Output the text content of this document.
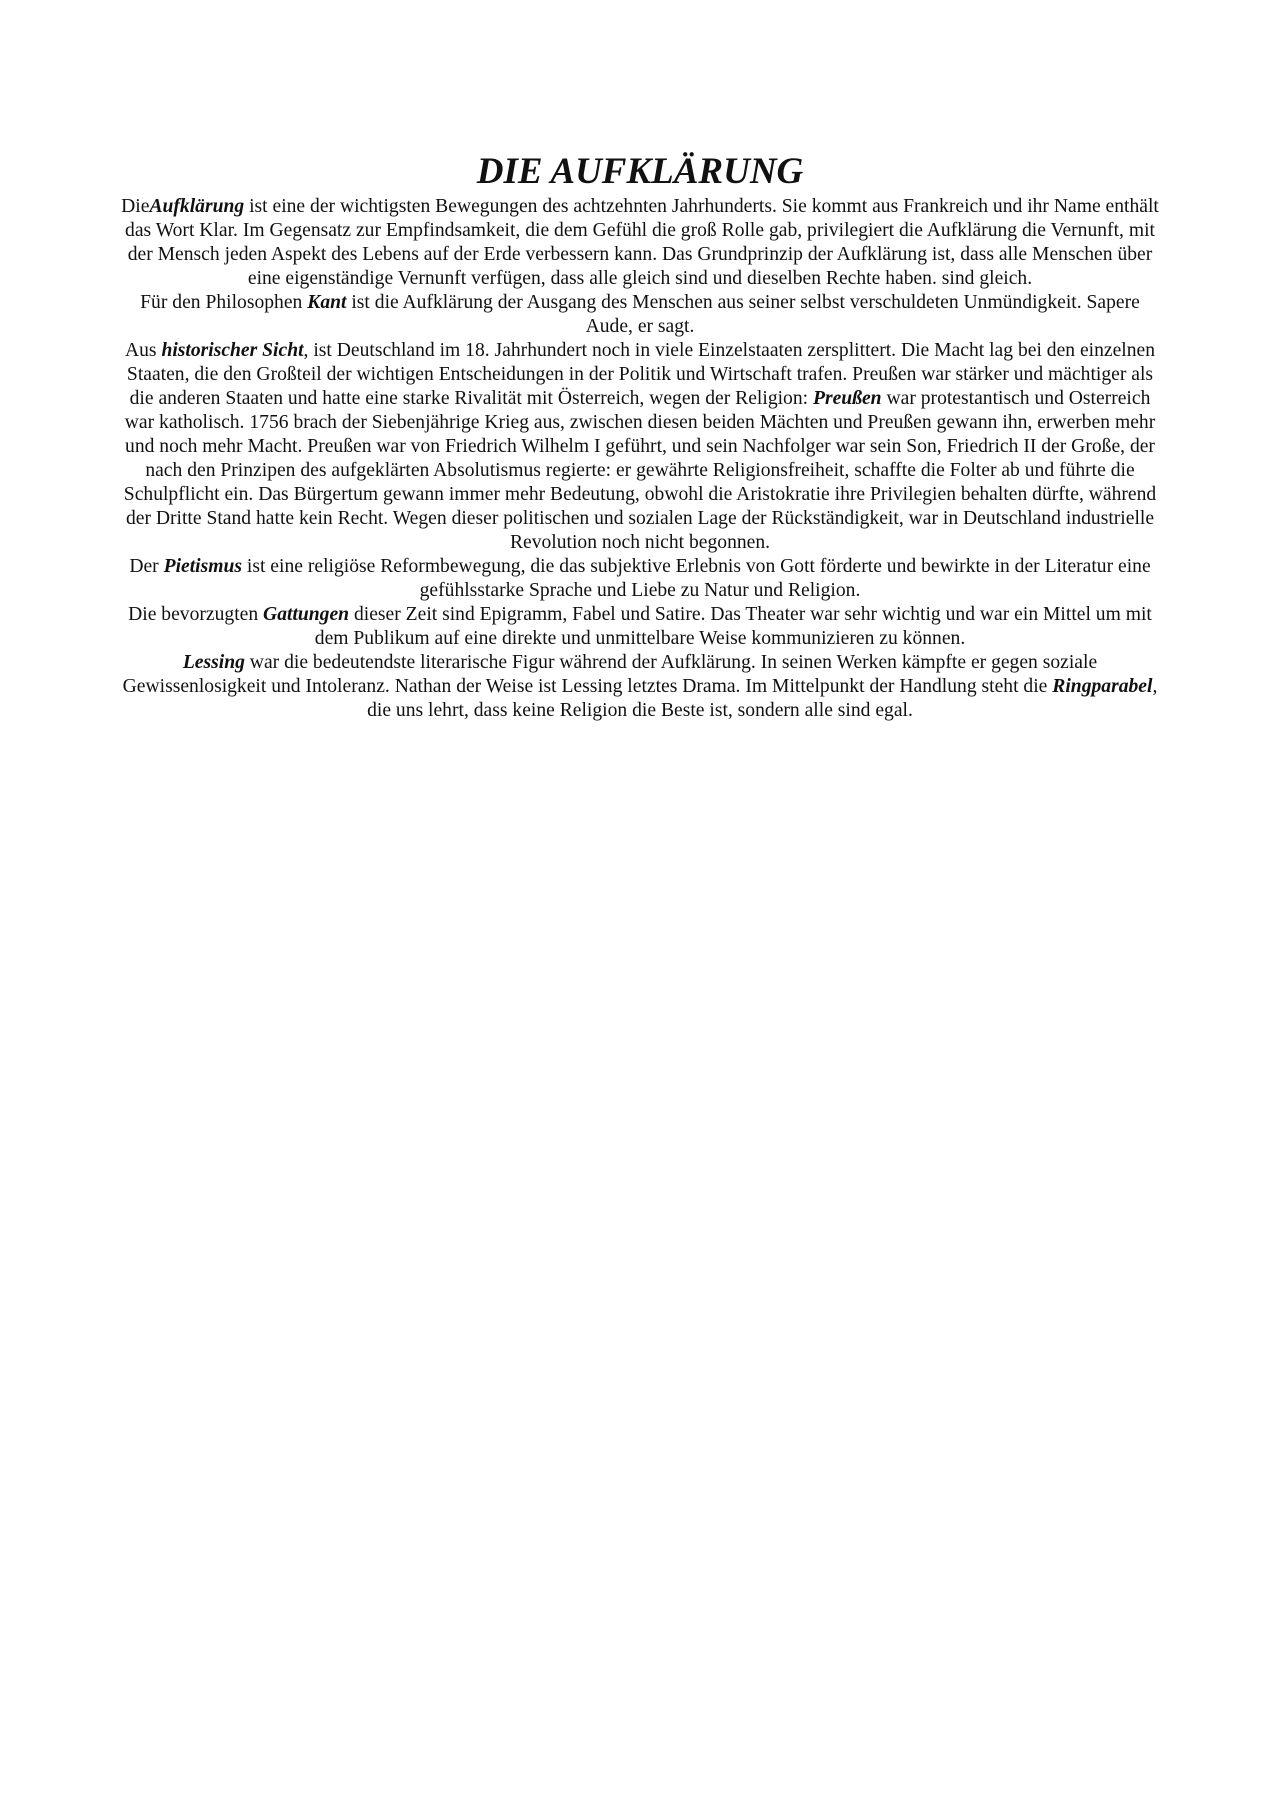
DIE AUFKLÄRUNG

DieAufklärung ist eine der wichtigsten Bewegungen des achtzehnten Jahrhunderts. Sie kommt aus Frankreich und ihr Name enthält das Wort Klar. Im Gegensatz zur Empfindsamkeit, die dem Gefühl die groß Rolle gab, privilegiert die Aufklärung die Vernunft, mit der Mensch jeden Aspekt des Lebens auf der Erde verbessern kann. Das Grundprinzip der Aufklärung ist, dass alle Menschen über eine eigenständige Vernunft verfügen, dass alle gleich sind und dieselben Rechte haben. sind gleich.

Für den Philosophen Kant ist die Aufklärung der Ausgang des Menschen aus seiner selbst verschuldeten Unmündigkeit. Sapere Aude, er sagt.

Aus historischer Sicht, ist Deutschland im 18. Jahrhundert noch in viele Einzelstaaten zersplittert. Die Macht lag bei den einzelnen Staaten, die den Großteil der wichtigen Entscheidungen in der Politik und Wirtschaft trafen. Preußen war stärker und mächtiger als die anderen Staaten und hatte eine starke Rivalität mit Österreich, wegen der Religion: Preußen war protestantisch und Osterreich war katholisch. 1756 brach der Siebenjährige Krieg aus, zwischen diesen beiden Mächten und Preußen gewann ihn, erwerben mehr und noch mehr Macht. Preußen war von Friedrich Wilhelm I geführt, und sein Nachfolger war sein Son, Friedrich II der Große, der nach den Prinzipen des aufgeklärten Absolutismus regierte: er gewährte Religionsfreiheit, schaffte die Folter ab und führte die Schulpflicht ein. Das Bürgertum gewann immer mehr Bedeutung, obwohl die Aristokratie ihre Privilegien behalten dürfte, während der Dritte Stand hatte kein Recht. Wegen dieser politischen und sozialen Lage der Rückständigkeit, war in Deutschland industrielle Revolution noch nicht begonnen.

Der Pietismus ist eine religiöse Reformbewegung, die das subjektive Erlebnis von Gott förderte und bewirkte in der Literatur eine gefühlsstarke Sprache und Liebe zu Natur und Religion.

Die bevorzugten Gattungen dieser Zeit sind Epigramm, Fabel und Satire. Das Theater war sehr wichtig und war ein Mittel um mit dem Publikum auf eine direkte und unmittelbare Weise kommunizieren zu können.

Lessing war die bedeutendste literarische Figur während der Aufklärung. In seinen Werken kämpfte er gegen soziale Gewissenlosigkeit und Intoleranz. Nathan der Weise ist Lessing letztes Drama. Im Mittelpunkt der Handlung steht die Ringparabel, die uns lehrt, dass keine Religion die Beste ist, sondern alle sind egal.
